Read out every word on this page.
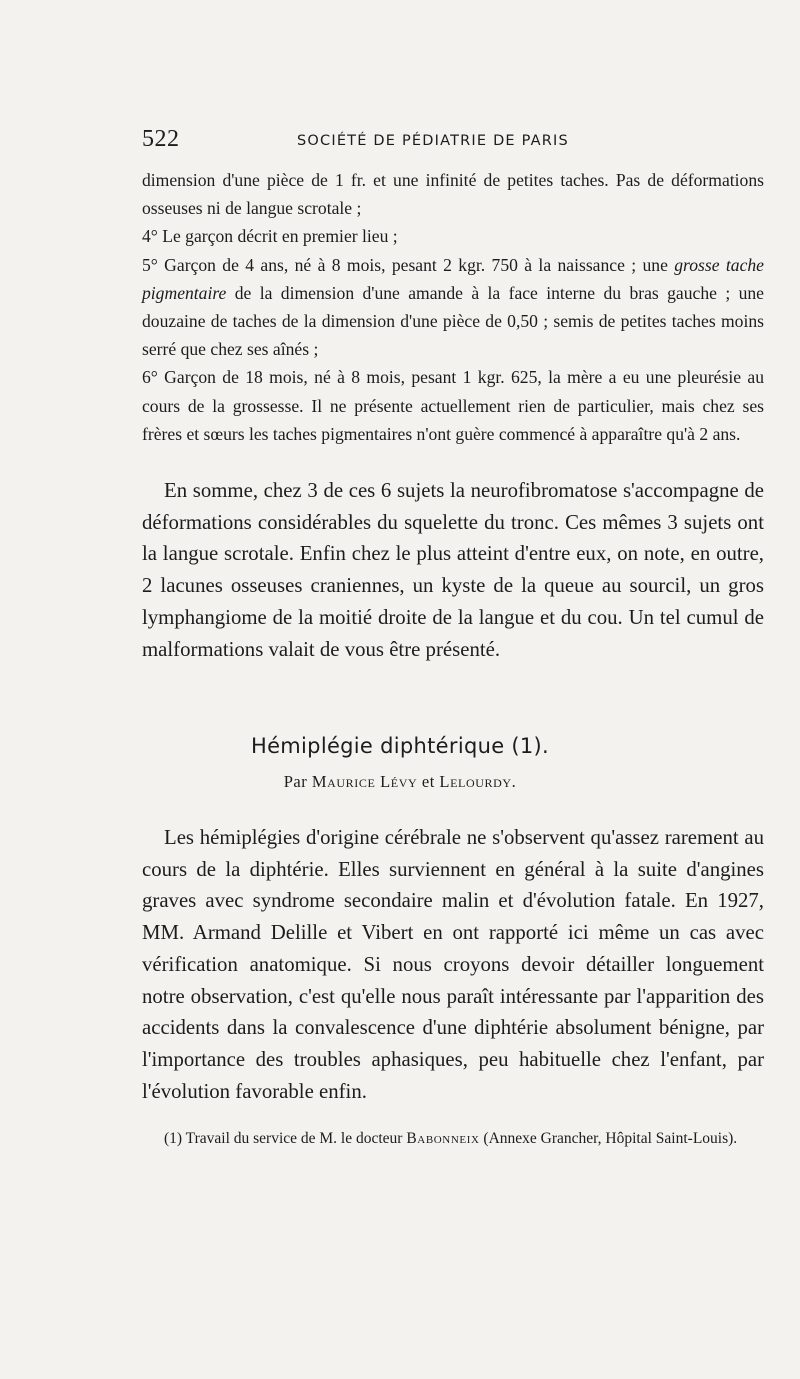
522	SOCIÉTÉ DE PÉDIATRIE DE PARIS

dimension d'une pièce de 1 fr. et une infinité de petites taches. Pas de déformations osseuses ni de langue scrotale ;

4° Le garçon décrit en premier lieu ;

5° Garçon de 4 ans, né à 8 mois, pesant 2 kgr. 750 à la naissance ; une grosse tache pigmentaire de la dimension d'une amande à la face interne du bras gauche ; une douzaine de taches de la dimension d'une pièce de 0,50 ; semis de petites taches moins serré que chez ses aînés ;

6° Garçon de 18 mois, né à 8 mois, pesant 1 kgr. 625, la mère a eu une pleurésie au cours de la grossesse. Il ne présente actuellement rien de particulier, mais chez ses frères et sœurs les taches pigmentaires n'ont guère commencé à apparaître qu'à 2 ans.

En somme, chez 3 de ces 6 sujets la neurofibromatose s'accompagne de déformations considérables du squelette du tronc. Ces mêmes 3 sujets ont la langue scrotale. Enfin chez le plus atteint d'entre eux, on note, en outre, 2 lacunes osseuses craniennes, un kyste de la queue au sourcil, un gros lymphangiome de la moitié droite de la langue et du cou. Un tel cumul de malformations valait de vous être présenté.

Hémiplégie diphtérique (1).
Par Maurice Lévy et Lelourdy.

Les hémiplégies d'origine cérébrale ne s'observent qu'assez rarement au cours de la diphtérie. Elles surviennent en général à la suite d'angines graves avec syndrome secondaire malin et d'évolution fatale. En 1927, MM. Armand Delille et Vibert en ont rapporté ici même un cas avec vérification anatomique. Si nous croyons devoir détailler longuement notre observation, c'est qu'elle nous paraît intéressante par l'apparition des accidents dans la convalescence d'une diphtérie absolument bénigne, par l'importance des troubles aphasiques, peu habituelle chez l'enfant, par l'évolution favorable enfin.

(1) Travail du service de M. le docteur Babonneix (Annexe Grancher, Hôpital Saint-Louis).
